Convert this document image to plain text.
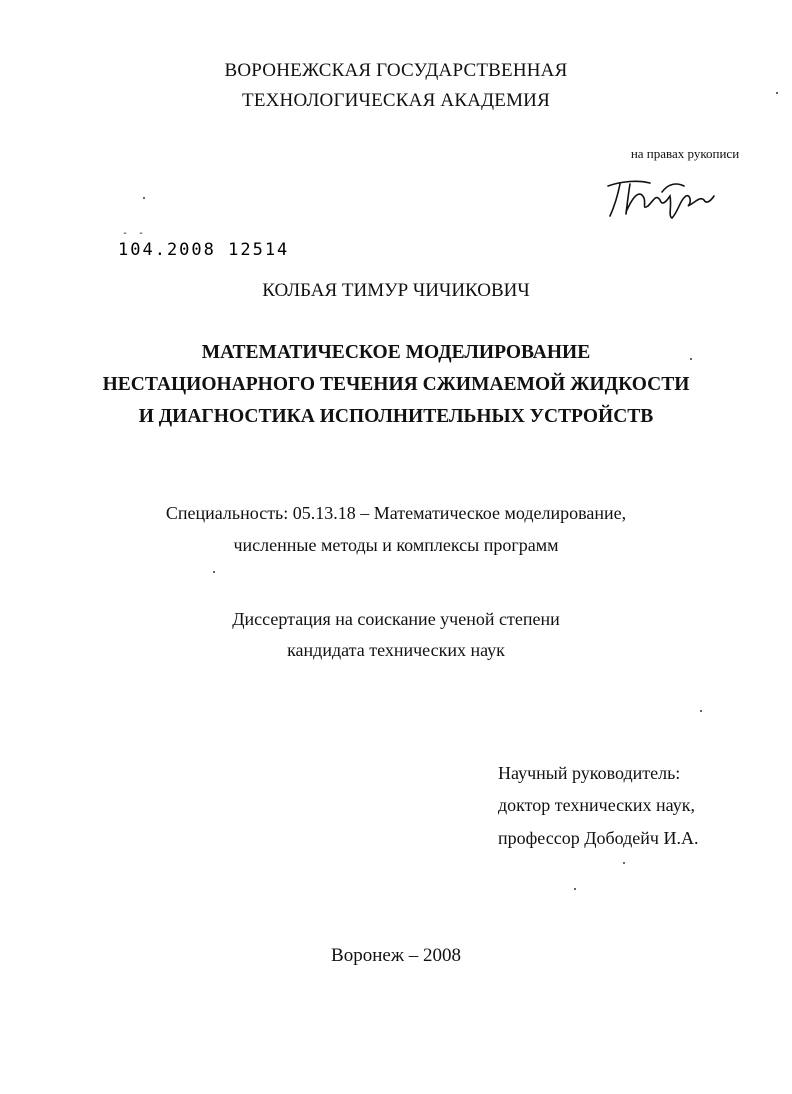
ВОРОНЕЖСКАЯ ГОСУДАРСТВЕННАЯ
ТЕХНОЛОГИЧЕСКАЯ АКАДЕМИЯ
на правах рукописи
- -
104.2008 12514
КОЛБАЯ ТИМУР ЧИЧИКОВИЧ
МАТЕМАТИЧЕСКОЕ МОДЕЛИРОВАНИЕ
НЕСТАЦИОНАРНОГО ТЕЧЕНИЯ СЖИМАЕМОЙ ЖИДКОСТИ
И ДИАГНОСТИКА ИСПОЛНИТЕЛЬНЫХ УСТРОЙСТВ
Специальность: 05.13.18 – Математическое моделирование,
численные методы и комплексы программ
Диссертация на соискание ученой степени
кандидата технических наук
Научный руководитель:
доктор технических наук,
профессор Дободейч И.А.
Воронеж – 2008
